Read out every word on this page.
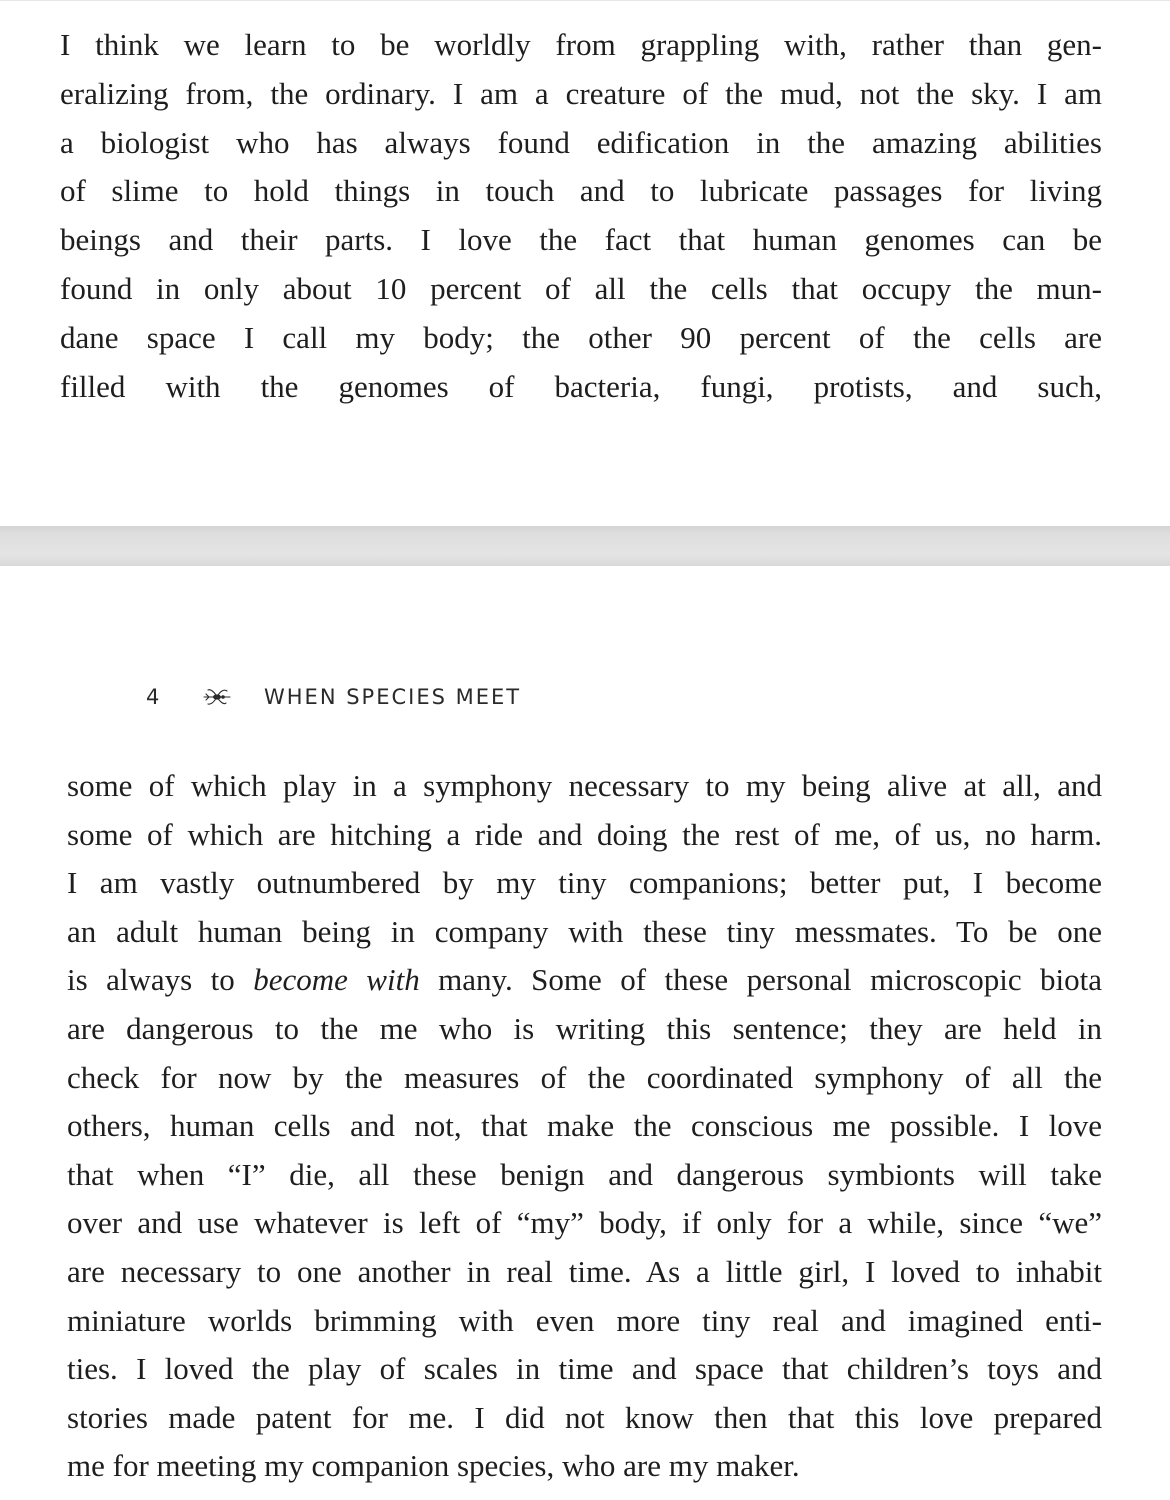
I think we learn to be worldly from grappling with, rather than gen-
eralizing from, the ordinary. I am a creature of the mud, not the sky. I am
a biologist who has always found edification in the amazing abilities
of slime to hold things in touch and to lubricate passages for living
beings and their parts. I love the fact that human genomes can be
found in only about 10 percent of all the cells that occupy the mun-
dane space I call my body; the other 90 percent of the cells are
filled with the genomes of bacteria, fungi, protists, and such,

4	WHEN SPECIES MEET

some of which play in a symphony necessary to my being alive at all, and
some of which are hitching a ride and doing the rest of me, of us, no harm.
I am vastly outnumbered by my tiny companions; better put, I become
an adult human being in company with these tiny messmates. To be one
is always to become with many. Some of these personal microscopic biota
are dangerous to the me who is writing this sentence; they are held in
check for now by the measures of the coordinated symphony of all the
others, human cells and not, that make the conscious me possible. I love
that when “I” die, all these benign and dangerous symbionts will take
over and use whatever is left of “my” body, if only for a while, since “we”
are necessary to one another in real time. As a little girl, I loved to inhabit
miniature worlds brimming with even more tiny real and imagined enti-
ties. I loved the play of scales in time and space that children’s toys and
stories made patent for me. I did not know then that this love prepared
me for meeting my companion species, who are my maker.
